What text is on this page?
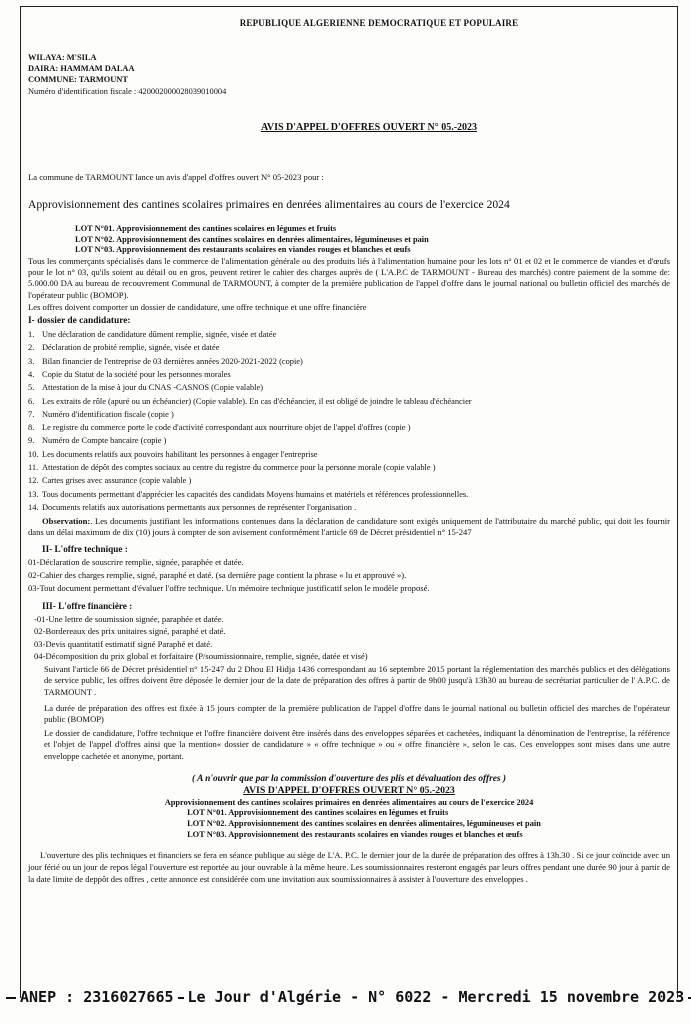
REPUBLIQUE ALGERIENNE DEMOCRATIQUE ET POPULAIRE
WILAYA: M'SILA
DAIRA: HAMMAM DALAA
COMMUNE: TARMOUNT
Numéro d'identification fiscale : 420002000028039010004
AVIS D'APPEL D'OFFRES OUVERT N° 05.-2023
La commune de TARMOUNT lance un avis d'appel d'offres ouvert N° 05-2023 pour :
Approvisionnement des cantines scolaires primaires en denrées alimentaires au cours de l'exercice 2024
LOT N°01. Approvisionnement des cantines scolaires en légumes et fruits
LOT N°02. Approvisionnement des cantines scolaires en denrées alimentaires, légumineuses et pain
LOT N°03. Approvisionnement des restaurants scolaires en viandes rouges et blanches et œufs
Tous les commerçants spécialisés dans le commerce de l'alimentation générale ou des produits liés à l'alimentation humaine pour les lots n° 01 et 02 et le commerce de viandes et d'œufs pour le lot n° 03, qu'ils soient au détail ou en gros, peuvent retirer le cahier des charges auprès de ( L'A.P.C de TARMOUNT - Bureau des marchés) contre paiement de la somme de: 5.000.00 DA au bureau de recouvrement Communal de TARMOUNT, à compter de la première publication de l'appel d'offre dans le journal national ou bulletin officiel des marchés de l'opérateur public (BOMOP).
Les offres doivent comporter un dossier de candidature, une offre technique et une offre financière
I- dossier de candidature:
1. Une déclaration de candidature dûment remplie, signée, visée et datée
2. Déclaration de probité remplie, signée, visée et datée
3. Bilan financier de l'entreprise de 03 dernières années 2020-2021-2022 (copie)
4. Copie du Statut de la société pour les personnes morales
5. Attestation de la mise à jour du CNAS -CASNOS (Copie valable)
6. Les extraits de rôle (apuré ou un échéancier) (Copie valable). En cas d'échéancier, il est obligé de joindre le tableau d'échéancier
7. Numéro d'identification fiscale (copie )
8. Le registre du commerce porte le code d'activité correspondant aux nourriture objet de l'appel d'offres (copie )
9. Numéro de Compte bancaire (copie )
10. Les documents relatifs aux pouvoirs habilitant les personnes à engager l'entreprise
11. Attestation de dépôt des comptes sociaux au centre du registre du commerce pour la personne morale (copie valable )
12. Cartes grises avec assurance (copie valable )
13. Tous documents permettant d'apprécier les capacités des candidats Moyens humains et matériels et références professionnelles.
14. Documents relatifs aux autorisations permettants aux personnes de représenter l'organisation .
Observation:. Les documents justifiant les informations contenues dans la déclaration de candidature sont exigés uniquement de l'attributaire du marché public, qui doit les fournir dans un délai maximum de dix (10) jours à compter de son avisement conformément l'article 69 de Décret présidentiel n° 15-247
II- L'offre technique :
01-Déclaration de souscrire remplie, signée, paraphée et datée.
02-Cahier des charges remplie, signé, paraphé et daté. (sa dernière page contient la phrase « lu et approuvé »).
03-Tout document permettant d'évaluer l'offre technique. Un mémoire technique justificatif selon le modèle proposé.
III- L'offre financière :
-01-Une lettre de soumission signée, paraphée et datée.
02-Bordereaux des prix unitaires signé, paraphé et daté.
03-Devis quantitatif estimatif signé Paraphé et daté.
04-Décomposition du prix global et forfaitaire (P/soumissionnaire, remplie, signée, datée et visé)
Suivant l'article 66 de Décret présidentiel n° 15-247 du 2 Dhou El Hidja 1436 correspondant au 16 septembre 2015 portant la réglementation des marchés publics et des délégations de service public, les offres doivent être déposée le dernier jour de la date de préparation des offres à partir de 9h00 jusqu'à 13h30 au bureau de secrétariat particulier de l' A.P.C. de TARMOUNT .
La durée de préparation des offres est fixée à 15 jours compter de la première publication de l'appel d'offre dans le journal national ou bulletin officiel des marches de l'opérateur public (BOMOP)
Le dossier de candidature, l'offre technique et l'offre financière doivent être insérés dans des enveloppes séparées et cachetées, indiquant la dénomination de l'entreprise, la référence et l'objet de l'appel d'offres ainsi que la mention« dossier de candidature » « offre technique » ou « offre financière », selon le cas. Ces enveloppes sont mises dans une autre enveloppe cachetée et anonyme, portant.
( A n'ouvrir que par la commission d'ouverture des plis et dévaluation des offres )
AVIS D'APPEL D'OFFRES OUVERT N° 05.-2023
Approvisionnement des cantines scolaires primaires en denrées alimentaires au cours de l'exercice 2024
LOT N°01. Approvisionnement des cantines scolaires en légumes et fruits
LOT N°02. Approvisionnement des cantines scolaires en denrées alimentaires, légumineuses et pain
LOT N°03. Approvisionnement des restaurants scolaires en viandes rouges et blanches et œufs
L'ouverture des plis techniques et financiers se fera en séance publique au siège de L'A. P.C. le dernier jour de la durée de préparation des offres à 13h.30 . Si ce jour coïncide avec un jour férié ou un jour de repos légal l'ouverture est reportée au jour ouvrable à la même heure. Les soumissionnaires resteront engagés par leurs offres pendant une durée 90 jour à partir de la date limite de deppôt des offres , cette annonce est considérée com une invitation aux soumissionnaires à assister à l'ouverture des enveloppes .
ANEP : 2316027665 Le Jour d'Algérie - N° 6022 - Mercredi 15 novembre 2023
